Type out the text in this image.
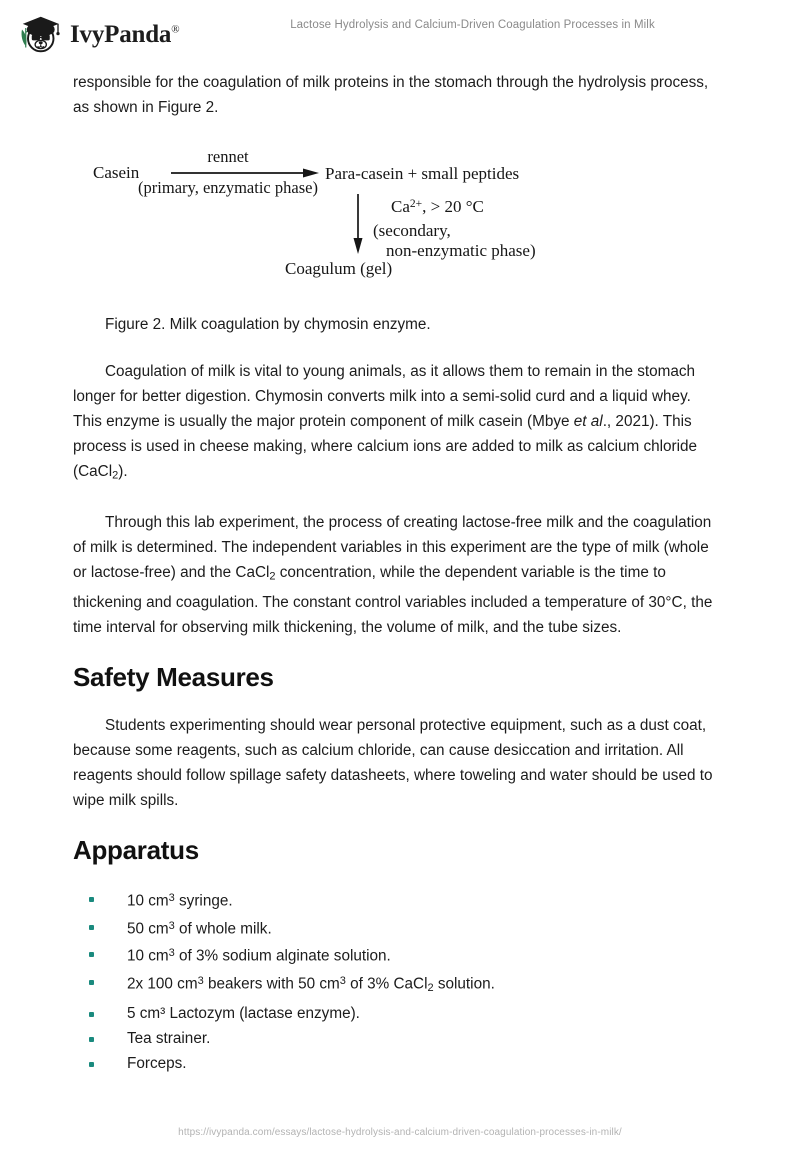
IvyPanda®	Lactose Hydrolysis and Calcium-Driven Coagulation Processes in Milk

responsible for the coagulation of milk proteins in the stomach through the hydrolysis process, as shown in Figure 2.

rennet
Casein
(primary, enzymatic phase)
Para-casein + small peptides
$Ca^{2+}$, > 20 °C
(secondary,
non-enzymatic phase)
Coagulum (gel)

Figure 2. Milk coagulation by chymosin enzyme.

Coagulation of milk is vital to young animals, as it allows them to remain in the stomach longer for better digestion. Chymosin converts milk into a semi-solid curd and a liquid whey. This enzyme is usually the major protein component of milk casein (Mbye et al., 2021). This process is used in cheese making, where calcium ions are added to milk as calcium chloride (CaCl$_2$).

Through this lab experiment, the process of creating lactose-free milk and the coagulation of milk is determined. The independent variables in this experiment are the type of milk (whole or lactose-free) and the CaCl$_2$ concentration, while the dependent variable is the time to thickening and coagulation. The constant control variables included a temperature of 30°C, the time interval for observing milk thickening, the volume of milk, and the tube sizes.

Safety Measures

Students experimenting should wear personal protective equipment, such as a dust coat, because some reagents, such as calcium chloride, can cause desiccation and irritation. All reagents should follow spillage safety datasheets, where toweling and water should be used to wipe milk spills.

Apparatus
10 $cm^3$ syringe.
50 $cm^3$ of whole milk.
10 $cm^3$ of 3% sodium alginate solution.
2x 100 $cm^3$ beakers with 50 $cm^3$ of 3% CaCl$_2$ solution.
5 cm³ Lactozym (lactase enzyme).
Tea strainer.
Forceps.
https://ivypanda.com/essays/lactose-hydrolysis-and-calcium-driven-coagulation-processes-in-milk/
